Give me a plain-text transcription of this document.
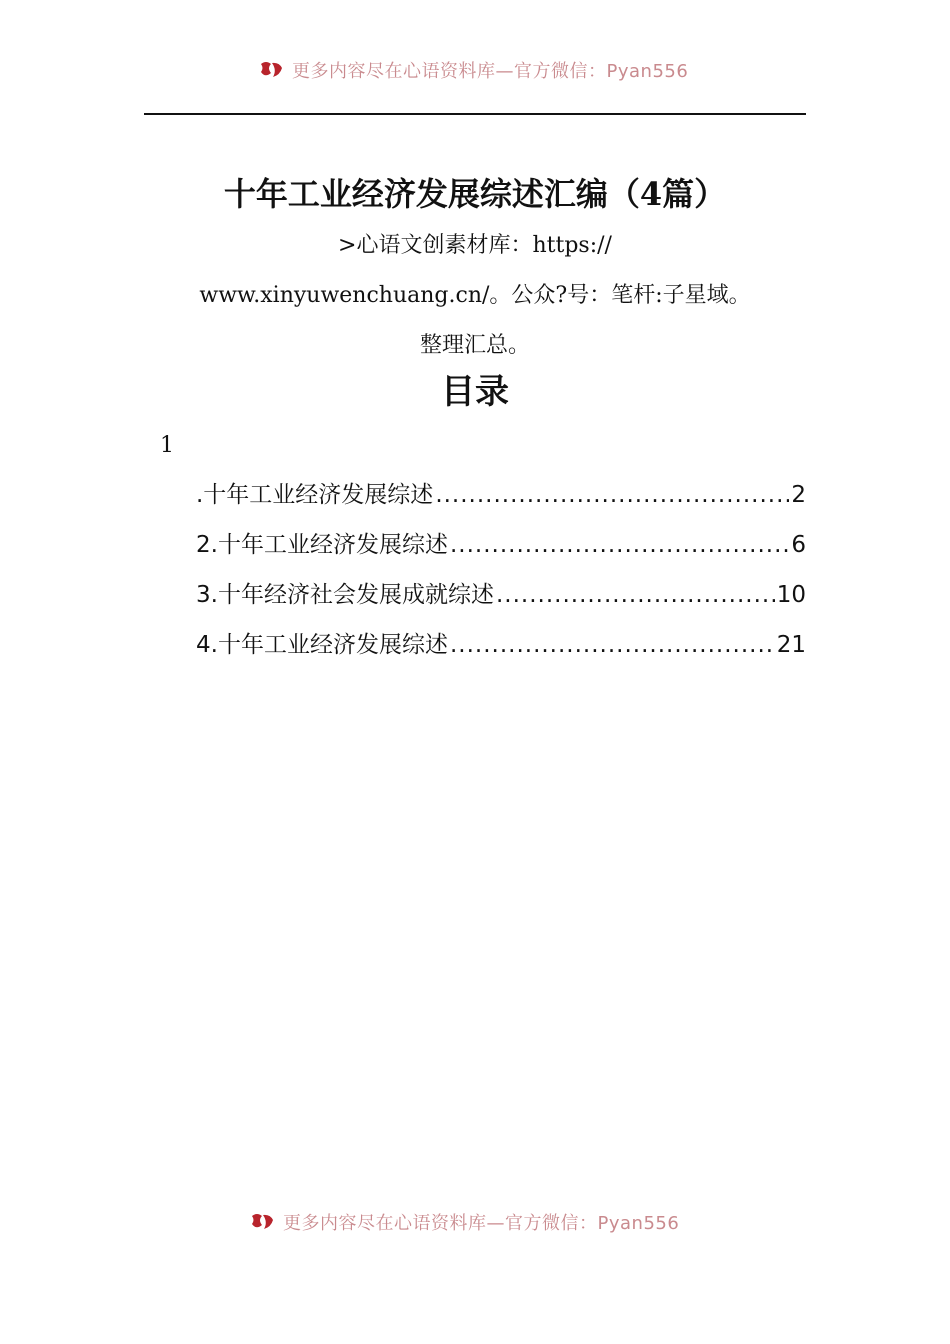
更多内容尽在心语资料库—官方微信：Pyan556
十年工业经济发展综述汇编（4篇）
>心语文创素材库：https://
www.xinyuwenchuang.cn/。公众?号：笔杆:子星域。
整理汇总。
目录
1
.十年工业经济发展综述 .....	2
2.十年工业经济发展综述 .....	6
3.十年经济社会发展成就综述 .....	10
4.十年工业经济发展综述 .....	21
更多内容尽在心语资料库—官方微信：Pyan556
